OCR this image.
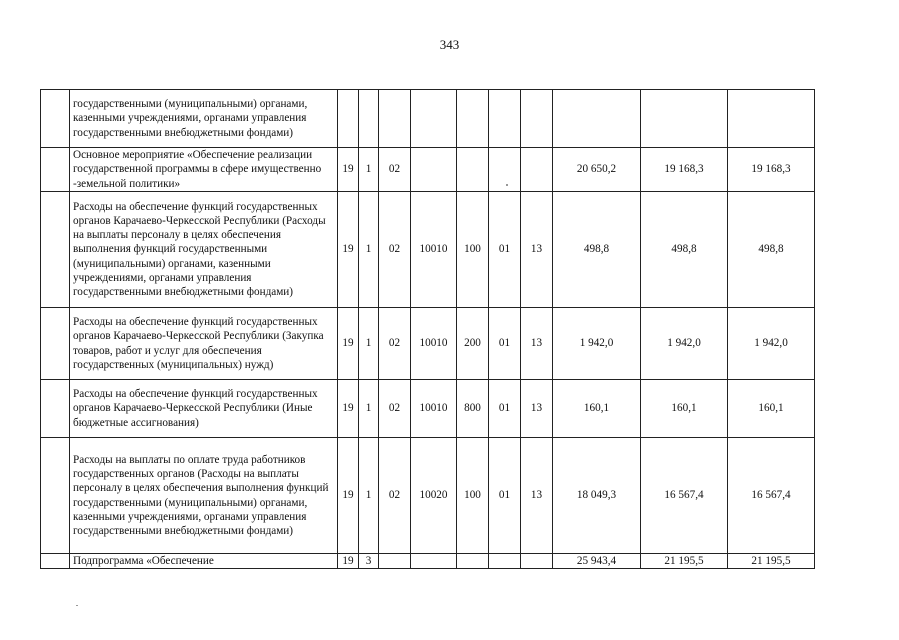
343
	государственными (муниципальными) органами, казенными учреждениями, органами управления государственными внебюджетными фондами)										
	Основное мероприятие «Обеспечение реализации государственной программы в сфере имущественно -земельной политики»	19	1	02					20 650,2	19 168,3	19 168,3
	Расходы на обеспечение функций государственных органов Карачаево-Черкесской Республики (Расходы на выплаты персоналу в целях обеспечения выполнения функций государственными (муниципальными) органами, казенными учреждениями, органами управления государственными внебюджетными фондами)	19	1	02	10010	100	01	13	498,8	498,8	498,8
	Расходы на обеспечение функций государственных органов Карачаево-Черкесской Республики (Закупка товаров, работ и услуг для обеспечения государственных (муниципальных) нужд)	19	1	02	10010	200	01	13	1 942,0	1 942,0	1 942,0
	Расходы на обеспечение функций государственных органов Карачаево-Черкесской Республики (Иные бюджетные ассигнования)	19	1	02	10010	800	01	13	160,1	160,1	160,1
	Расходы на выплаты по оплате труда работников государственных органов (Расходы на выплаты персоналу в целях обеспечения выполнения функций государственными (муниципальными) органами, казенными учреждениями, органами управления государственными внебюджетными фондами)	19	1	02	10020	100	01	13	18 049,3	16 567,4	16 567,4
	Подпрограмма «Обеспечение	19	3						25 943,4	21 195,5	21 195,5
